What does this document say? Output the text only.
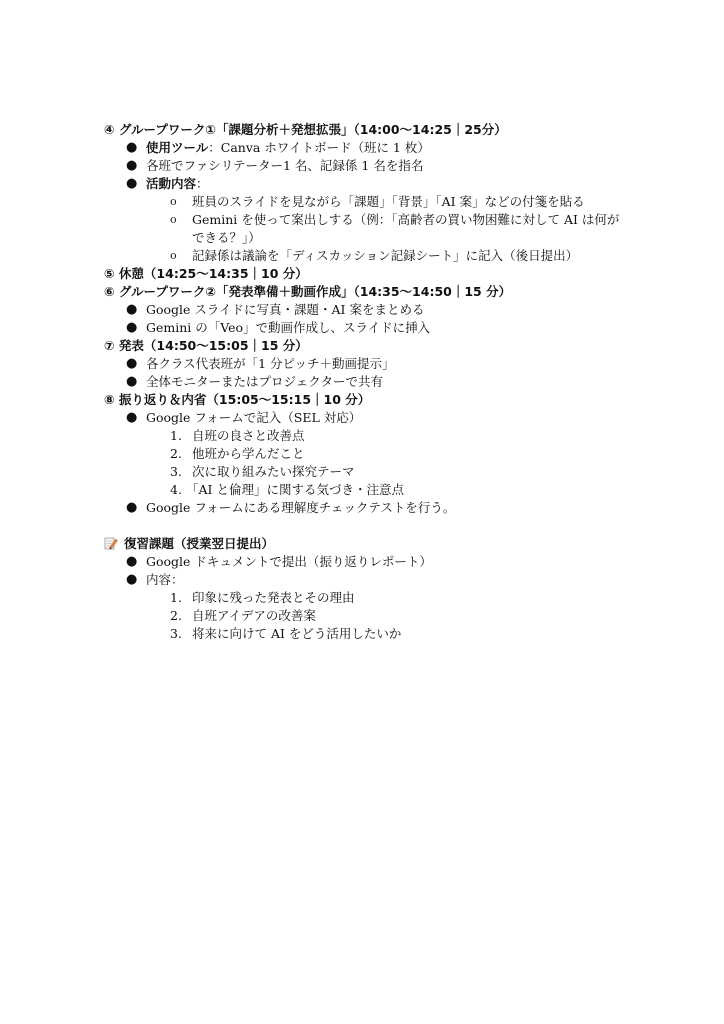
④ グループワーク①「課題分析＋発想拡張」（14:00〜14:25｜25分）
● 使用ツール：Canva ホワイトボード（班に 1 枚）
● 各班でファシリテーター1 名、記録係 1 名を指名
● 活動内容：
o 班員のスライドを見ながら「課題」「背景」「AI 案」などの付箋を貼る
o Gemini を使って案出しする（例：「高齢者の買い物困難に対して AI は何ができる？」）
o 記録係は議論を「ディスカッション記録シート」に記入（後日提出）
⑤ 休憩（14:25〜14:35｜10 分）
⑥ グループワーク②「発表準備＋動画作成」（14:35〜14:50｜15 分）
● Google スライドに写真・課題・AI 案をまとめる
● Gemini の「Veo」で動画作成し、スライドに挿入
⑦ 発表（14:50〜15:05｜15 分）
● 各クラス代表班が「1 分ピッチ＋動画提示」
● 全体モニターまたはプロジェクターで共有
⑧ 振り返り＆内省（15:05〜15:15｜10 分）
● Google フォームで記入（SEL 対応）
1. 自班の良さと改善点
2. 他班から学んだこと
3. 次に取り組みたい探究テーマ
4. 「AI と倫理」に関する気づき・注意点
● Google フォームにある理解度チェックテストを行う。
復習課題（授業翌日提出）
● Google ドキュメントで提出（振り返りレポート）
● 内容：
1. 印象に残った発表とその理由
2. 自班アイデアの改善案
3. 将来に向けて AI をどう活用したいか
